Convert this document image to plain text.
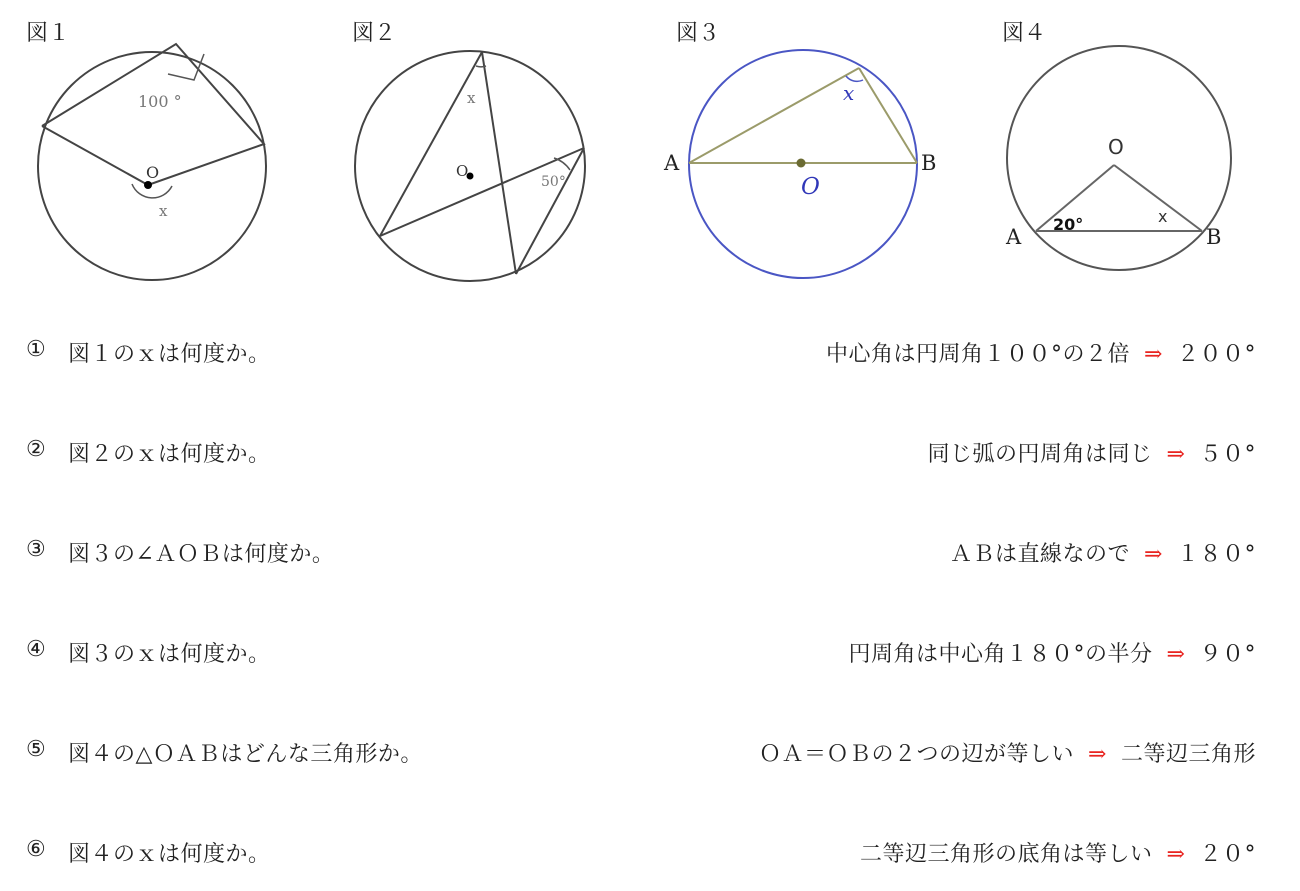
図１	図２	図３	図４
100 °
O
x
x
O
50°
A	B
O
x
O
20°	x
A	B
① 図１のｘは何度か。	中心角は円周角１００°の２倍 ⇒ ２００°
② 図２のｘは何度か。	同じ弧の円周角は同じ ⇒ ５０°
③ 図３の∠ＡＯＢは何度か。	ＡＢは直線なので ⇒ １８０°
④ 図３のｘは何度か。	円周角は中心角１８０°の半分 ⇒ ９０°
⑤ 図４の△ＯＡＢはどんな三角形か。	ＯＡ＝ＯＢの２つの辺が等しい ⇒ 二等辺三角形
⑥ 図４のｘは何度か。	二等辺三角形の底角は等しい ⇒ ２０°
